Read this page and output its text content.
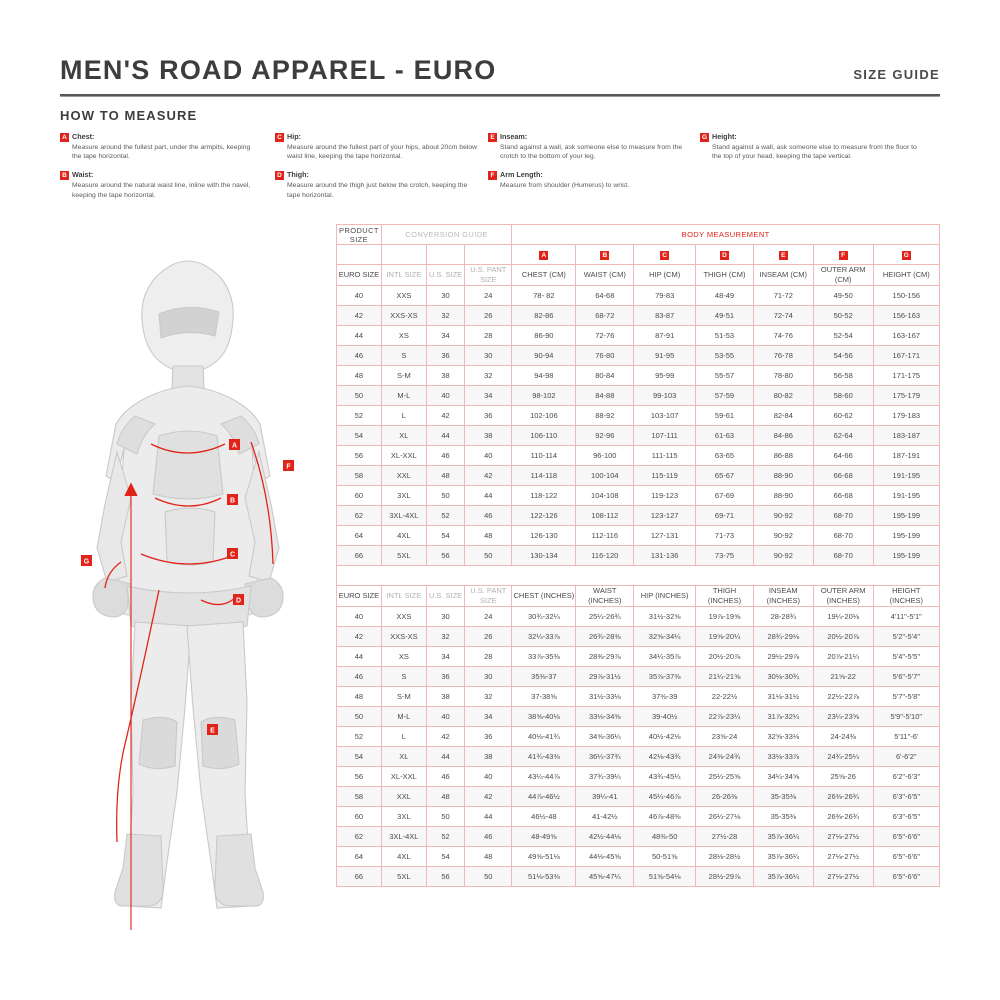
MEN'S ROAD APPAREL - EURO	SIZE GUIDE
HOW TO MEASURE
A Chest:
Measure around the fullest part, under the armpits, keeping the tape horizontal.
B Waist:
Measure around the natural waist line, inline with the navel, keeping the tape horizontal.
C Hip:
Measure around the fullest part of your hips, about 20cm below waist line, keeping the tape horizontal.
D Thigh:
Measure around the thigh just below the crotch, keeping the tape horizontal.
E Inseam:
Stand against a wall, ask someone else to measure from the crotch to the bottom of your leg.
F Arm Length:
Measure from shoulder (Humerus) to wrist.
G Height:
Stand against a wall, ask someone else to measure from the floor to the top of your head, keeping the tape vertical.
A
B
C
D
E
F
G
PRODUCT SIZE	CONVERSION GUIDE			BODY MEASUREMENT						
				A	B	C	D	E	F	G
EURO SIZE	INTL SIZE	U.S. SIZE	U.S. PANT SIZE	CHEST (CM)	WAIST (CM)	HIP (CM)	THIGH (CM)	INSEAM (CM)	OUTER ARM (CM)	HEIGHT (CM)
40	XXS	30	24	78- 82	64-68	79-83	48-49	71-72	49-50	150-156
42	XXS-XS	32	26	82-86	68-72	83-87	49-51	72-74	50-52	156-163
44	XS	34	28	86-90	72-76	87-91	51-53	74-76	52-54	163-167
46	S	36	30	90-94	76-80	91-95	53-55	76-78	54-56	167-171
48	S-M	38	32	94-98	80-84	95-99	55-57	78-80	56-58	171-175
50	M-L	40	34	98-102	84-88	99-103	57-59	80-82	58-60	175-179
52	L	42	36	102-106	88-92	103-107	59-61	82-84	60-62	179-183
54	XL	44	38	106-110	92-96	107-111	61-63	84-86	62-64	183-187
56	XL-XXL	46	40	110-114	96-100	111-115	63-65	86-88	64-66	187-191
58	XXL	48	42	114-118	100-104	115-119	65-67	88-90	66-68	191-195
60	3XL	50	44	118-122	104-108	119-123	67-69	88-90	66-68	191-195
62	3XL-4XL	52	46	122-126	108-112	123-127	69-71	90-92	68-70	195-199
64	4XL	54	48	126-130	112-116	127-131	71-73	90-92	68-70	195-199
66	5XL	56	50	130-134	116-120	131-136	73-75	90-92	68-70	195-199

EURO SIZE	INTL SIZE	U.S. SIZE	U.S. PANT SIZE	CHEST (INCHES)	WAIST (INCHES)	HIP (INCHES)	THIGH (INCHES)	INSEAM (INCHES)	OUTER ARM (INCHES)	HEIGHT (INCHES)
40	XXS	30	24	30¾-32¼	25¼-26¾	31½-32⅝	19⅞-19⅝	28-28¾	19¼-20⅛	4'11"-5'1"
42	XXS-XS	32	26	32¼-33⅞	26¾-28⅜	32⅝-34¼	19⅝-20¼	28¾-29⅛	20½-20⅞	5'2"-5'4"
44	XS	34	28	33⅞-35⅜	28⅜-29⅞	34¼-35⅞	20½-20⅞	29½-29⅞	20⅞-21¼	5'4"-5'5"
46	S	36	30	35⅜-37	29⅞-31½	35⅞-37⅜	21¼-21⅝	30⅛-30¾	21⅝-22	5'6"-5'7"
48	S-M	38	32	37-38⅝	31½-33⅛	37⅜-39	22-22½	31⅛-31½	22½-22⅞	5'7"-5'8"
50	M-L	40	34	38⅝-40⅛	33⅛-34⅝	39-40½	22⅞-23¼	31⅞-32¼	23¼-23⅝	5'9"-5'10"
52	L	42	36	40⅛-41¾	34⅝-36¼	40½-42⅛	23⅝-24	32⅝-33⅛	24-24⅜	5'11"-6'
54	XL	44	38	41¾-43⅜	36¼-37¾	42⅛-43¾	24⅜-24¾	33⅛-33⅞	24¾-25¼	6'-6'2"
56	XL-XXL	46	40	43¼-44⅞	37¾-39¼	43¾-45¼	25¼-25⅝	34¼-34⅝	25⅝-26	6'2"-6'3"
58	XXL	48	42	44⅞-46½	39¼-41	45¼-46⅞	26-26⅜	35-35⅜	26⅜-26¾	6'3"-6'5"
60	3XL	50	44	46½-48	41-42½	46⅞-48⅜	26¼-27⅛	35-35⅜	26⅜-26¾	6'3"-6'5"
62	3XL-4XL	52	46	48-49⅝	42½-44⅛	48⅜-50	27½-28	35⅞-36¼	27⅛-27½	6'5"-6'6"
64	4XL	54	48	49⅝-51⅛	44⅛-45⅝	50-51⅝	28⅛-28½	35⅞-36¼	27⅛-27½	6'5"-6'6"
66	5XL	56	50	51⅛-53⅜	45⅝-47¼	51⅝-54⅛	28½-29⅞	35⅞-36¼	27⅛-27½	6'5"-6'6"
